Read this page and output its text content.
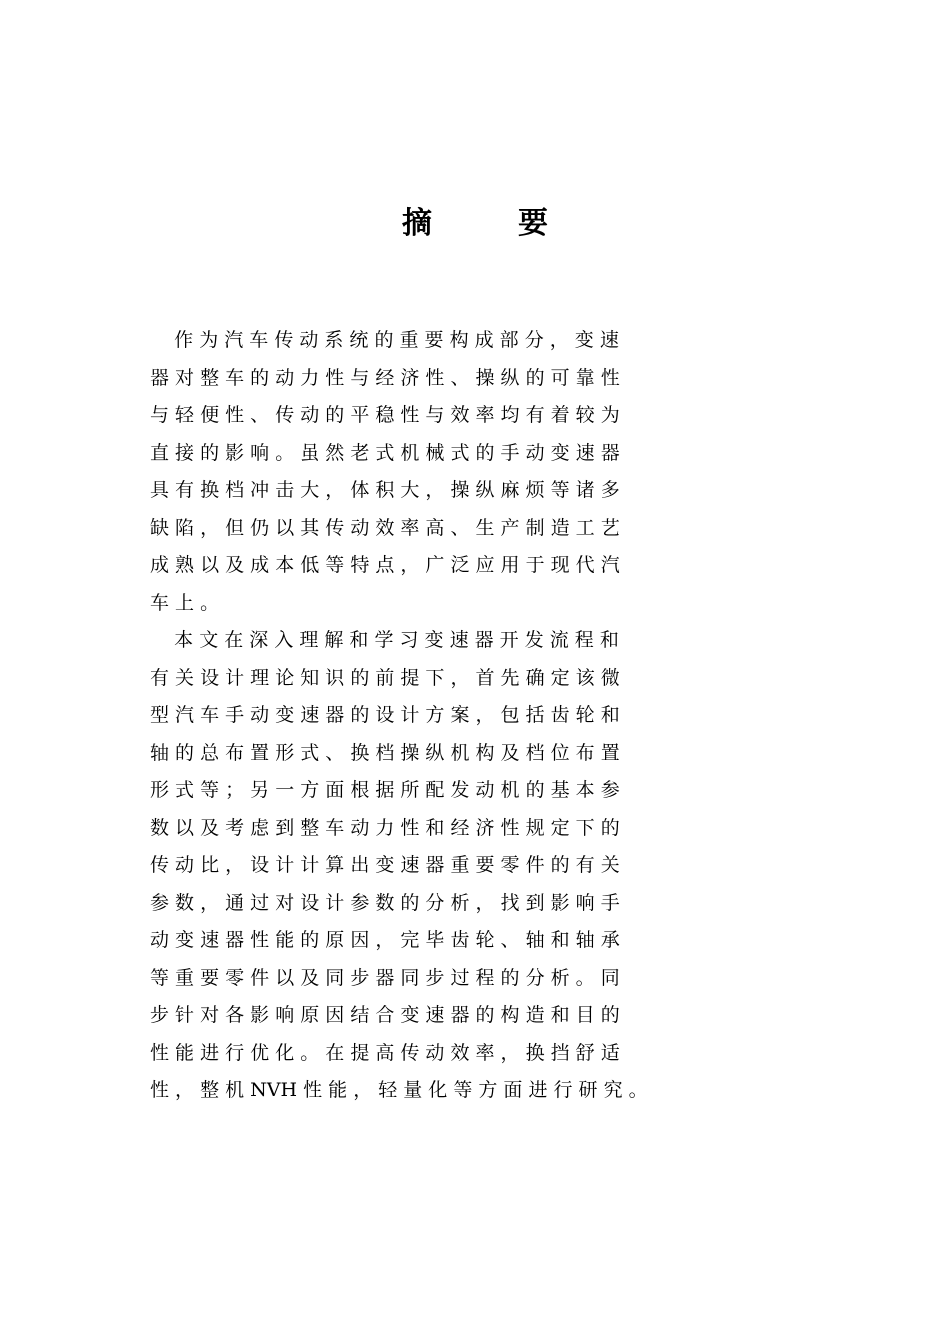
摘　要
作 为 汽 车 传 动 系 统 的 重 要 构 成 部 分 ， 变 速
器 对 整 车 的 动 力 性 与 经 济 性 、 操 纵 的 可 靠 性
与 轻 便 性 、 传 动 的 平 稳 性 与 效 率 均 有 着 较 为
直 接 的 影 响 。 虽 然 老 式 机 械 式 的 手 动 变 速 器
具 有 换 档 冲 击 大 ， 体 积 大 ， 操 纵 麻 烦 等 诸 多
缺 陷 ， 但 仍 以 其 传 动 效 率 高 、 生 产 制 造 工 艺
成 熟 以 及 成 本 低 等 特 点 ， 广 泛 应 用 于 现 代 汽
车 上 。
本 文 在 深 入 理 解 和 学 习 变 速 器 开 发 流 程 和
有 关 设 计 理 论 知 识 的 前 提 下 ， 首 先 确 定 该 微
型 汽 车 手 动 变 速 器 的 设 计 方 案 ， 包 括 齿 轮 和
轴 的 总 布 置 形 式 、 换 档 操 纵 机 构 及 档 位 布 置
形 式 等 ； 另 一 方 面 根 据 所 配 发 动 机 的 基 本 参
数 以 及 考 虑 到 整 车 动 力 性 和 经 济 性 规 定 下 的
传 动 比 ， 设 计 计 算 出 变 速 器 重 要 零 件 的 有 关
参 数 ， 通 过 对 设 计 参 数 的 分 析 ， 找 到 影 响 手
动 变 速 器 性 能 的 原 因 ， 完 毕 齿 轮 、 轴 和 轴 承
等 重 要 零 件 以 及 同 步 器 同 步 过 程 的 分 析 。 同
步 针 对 各 影 响 原 因 结 合 变 速 器 的 构 造 和 目 的
性 能 进 行 优 化 。 在 提 高 传 动 效 率 ， 换 挡 舒 适
性 ， 整 机 NVH 性 能 ， 轻 量 化 等 方 面 进 行 研 究 。
